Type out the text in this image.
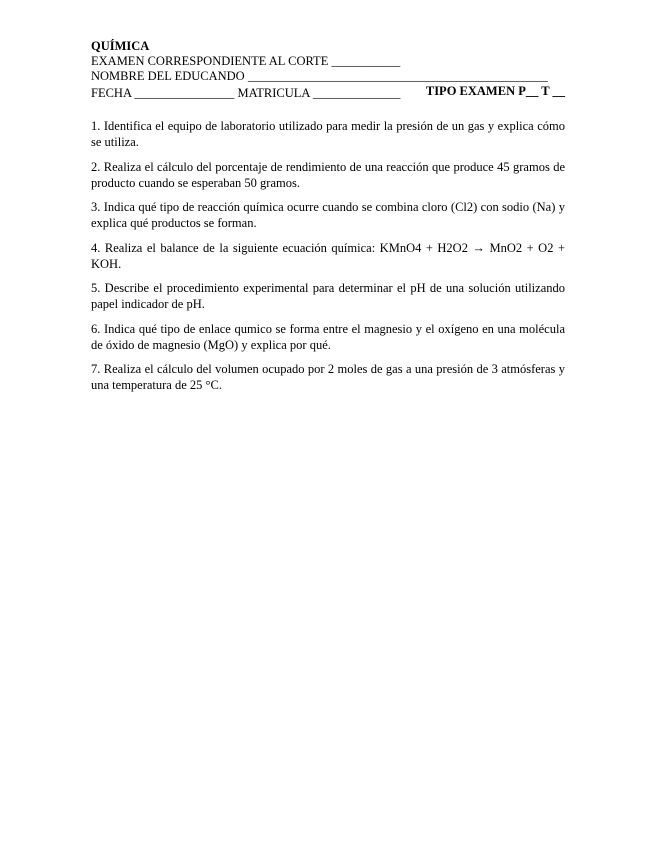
QUÍMICA
EXAMEN CORRESPONDIENTE AL CORTE ___________
NOMBRE DEL EDUCANDO ________________________________________________
FECHA ________________ MATRICULA ______________ TIPO EXAMEN P__ T __
1. Identifica el equipo de laboratorio utilizado para medir la presión de un gas y explica cómo se utiliza.
2. Realiza el cálculo del porcentaje de rendimiento de una reacción que produce 45 gramos de producto cuando se esperaban 50 gramos.
3. Indica qué tipo de reacción química ocurre cuando se combina cloro (Cl2) con sodio (Na) y explica qué productos se forman.
4. Realiza el balance de la siguiente ecuación química: KMnO4 + H2O2 → MnO2 + O2 + KOH.
5. Describe el procedimiento experimental para determinar el pH de una solución utilizando papel indicador de pH.
6. Indica qué tipo de enlace qumico se forma entre el magnesio y el oxígeno en una molécula de óxido de magnesio (MgO) y explica por qué.
7. Realiza el cálculo del volumen ocupado por 2 moles de gas a una presión de 3 atmósferas y una temperatura de 25 °C.
